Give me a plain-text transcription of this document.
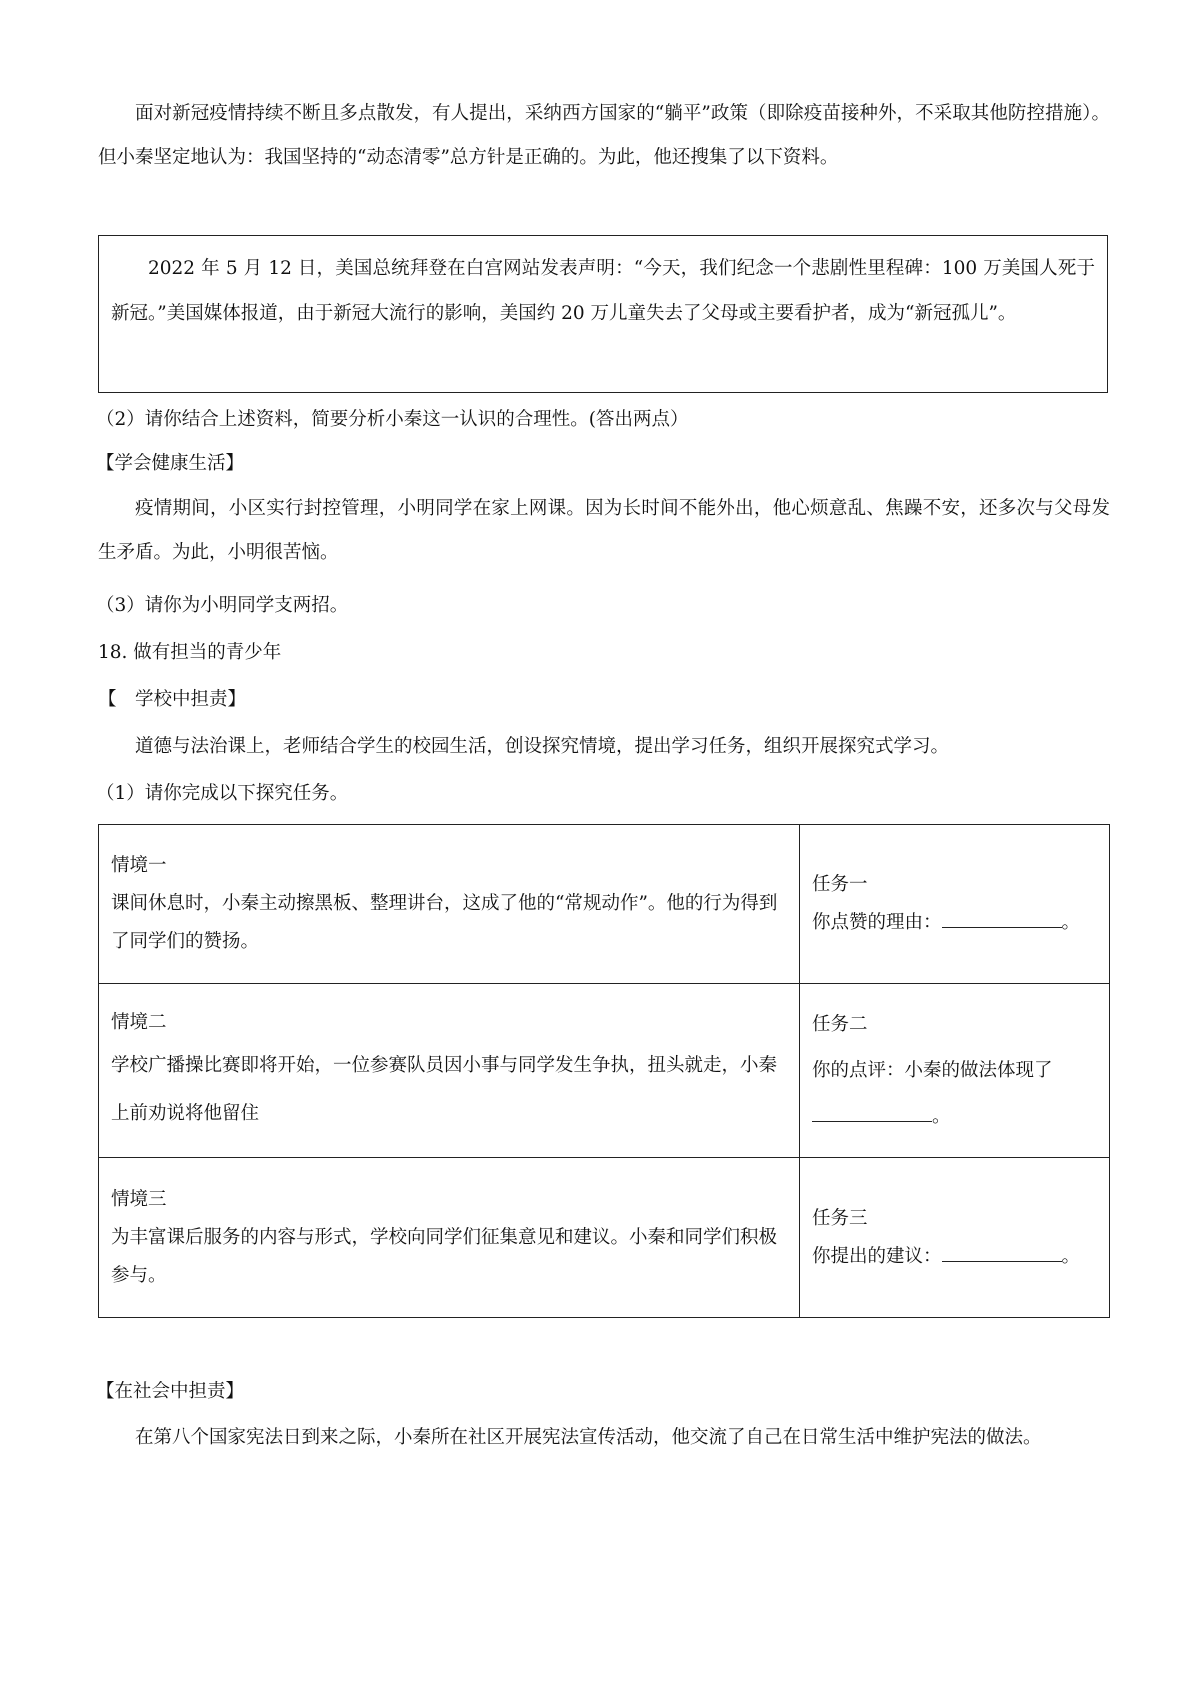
面对新冠疫情持续不断且多点散发，有人提出，采纳西方国家的“躺平”政策（即除疫苗接种外，不采取其他防控措施）。但小秦坚定地认为：我国坚持的“动态清零”总方针是正确的。为此，他还搜集了以下资料。

2022 年 5 月 12 日，美国总统拜登在白宫网站发表声明：“今天，我们纪念一个悲剧性里程碑：100 万美国人死于新冠。”美国媒体报道，由于新冠大流行的影响，美国约 20 万儿童失去了父母或主要看护者，成为“新冠孤儿”。

（2）请你结合上述资料，简要分析小秦这一认识的合理性。(答出两点）

【学会健康生活】

疫情期间，小区实行封控管理，小明同学在家上网课。因为长时间不能外出，他心烦意乱、焦躁不安，还多次与父母发生矛盾。为此，小明很苦恼。

（3）请你为小明同学支两招。

18. 做有担当的青少年

【　学校中担责】

道德与法治课上，老师结合学生的校园生活，创设探究情境，提出学习任务，组织开展探究式学习。

（1）请你完成以下探究任务。

情境一
课间休息时，小秦主动擦黑板、整理讲台，这成了他的“常规动作”。他的行为得到了同学们的赞扬。	任务一
你点赞的理由： 。

情境二
学校广播操比赛即将开始，一位参赛队员因小事与同学发生争执，扭头就走，小秦上前劝说将他留住	任务二
你的点评：小秦的做法体现了
。

情境三
为丰富课后服务的内容与形式，学校向同学们征集意见和建议。小秦和同学们积极参与。	任务三
你提出的建议： 。

【在社会中担责】

在第八个国家宪法日到来之际，小秦所在社区开展宪法宣传活动，他交流了自己在日常生活中维护宪法的做法。
